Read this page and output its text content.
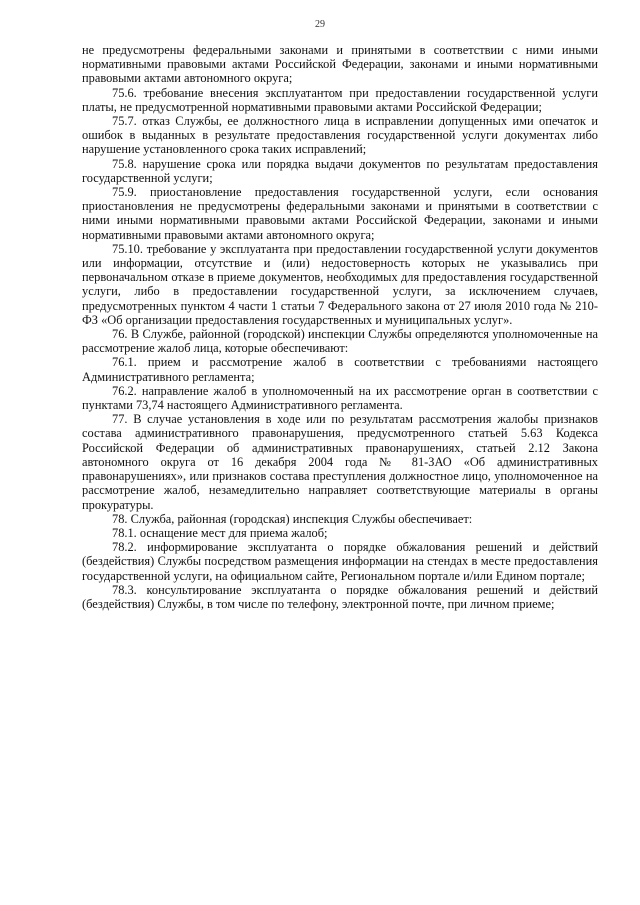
29

не предусмотрены федеральными законами и принятыми в соответствии с ними иными нормативными правовыми актами Российской Федерации, законами и иными нормативными правовыми актами автономного округа;

75.6. требование внесения эксплуатантом при предоставлении государственной услуги платы, не предусмотренной нормативными правовыми актами Российской Федерации;

75.7. отказ Службы, ее должностного лица в исправлении допущенных ими опечаток и ошибок в выданных в результате предоставления государственной услуги документах либо нарушение установленного срока таких исправлений;

75.8. нарушение срока или порядка выдачи документов по результатам предоставления государственной услуги;

75.9. приостановление предоставления государственной услуги, если основания приостановления не предусмотрены федеральными законами и принятыми в соответствии с ними иными нормативными правовыми актами Российской Федерации, законами и иными нормативными правовыми актами автономного округа;

75.10. требование у эксплуатанта при предоставлении государственной услуги документов или информации, отсутствие и (или) недостоверность которых не указывались при первоначальном отказе в приеме документов, необходимых для предоставления государственной услуги, либо в предоставлении государственной услуги, за исключением случаев, предусмотренных пунктом 4 части 1 статьи 7 Федерального закона от 27 июля 2010 года № 210-ФЗ «Об организации предоставления государственных и муниципальных услуг».

76. В Службе, районной (городской) инспекции Службы определяются уполномоченные на рассмотрение жалоб лица, которые обеспечивают:

76.1. прием и рассмотрение жалоб в соответствии с требованиями настоящего Административного регламента;

76.2. направление жалоб в уполномоченный на их рассмотрение орган в соответствии с пунктами 73,74 настоящего Административного регламента.

77. В случае установления в ходе или по результатам рассмотрения жалобы признаков состава административного правонарушения, предусмотренного статьей 5.63 Кодекса Российской Федерации об административных правонарушениях, статьей 2.12 Закона автономного округа от 16 декабря 2004 года № 81-ЗАО «Об административных правонарушениях», или признаков состава преступления должностное лицо, уполномоченное на рассмотрение жалоб, незамедлительно направляет соответствующие материалы в органы прокуратуры.

78. Служба, районная (городская) инспекция Службы обеспечивает:

78.1. оснащение мест для приема жалоб;

78.2. информирование эксплуатанта о порядке обжалования решений и действий (бездействия) Службы посредством размещения информации на стендах в месте предоставления государственной услуги, на официальном сайте, Региональном портале и/или Едином портале;

78.3. консультирование эксплуатанта о порядке обжалования решений и действий (бездействия) Службы, в том числе по телефону, электронной почте, при личном приеме;
